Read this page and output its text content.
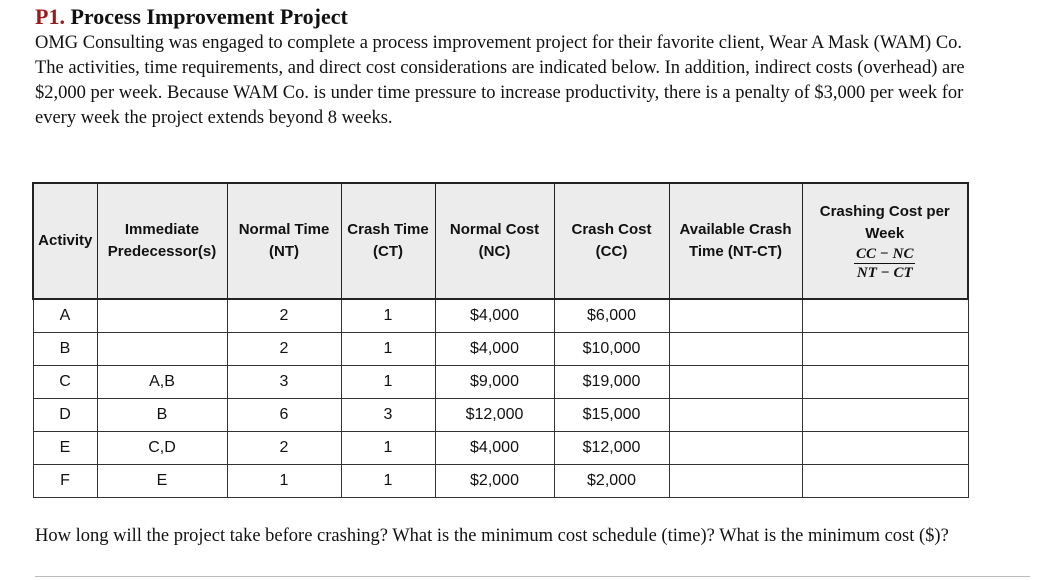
P1. Process Improvement Project
OMG Consulting was engaged to complete a process improvement project for their favorite client, Wear A Mask (WAM) Co. The activities, time requirements, and direct cost considerations are indicated below. In addition, indirect costs (overhead) are $2,000 per week. Because WAM Co. is under time pressure to increase productivity, there is a penalty of $3,000 per week for every week the project extends beyond 8 weeks.
Activity	Immediate Predecessor(s)	Normal Time (NT)	Crash Time (CT)	Normal Cost (NC)	Crash Cost (CC)	Available Crash Time (NT-CT)	Crashing Cost per Week
$\frac{CC - NC}{NT - CT}$

A		2	1	$4,000	$6,000		
B		2	1	$4,000	$10,000		
C	A,B	3	1	$9,000	$19,000		
D	B	6	3	$12,000	$15,000		
E	C,D	2	1	$4,000	$12,000		
F	E	1	1	$2,000	$2,000		
How long will the project take before crashing? What is the minimum cost schedule (time)? What is the minimum cost ($)?
